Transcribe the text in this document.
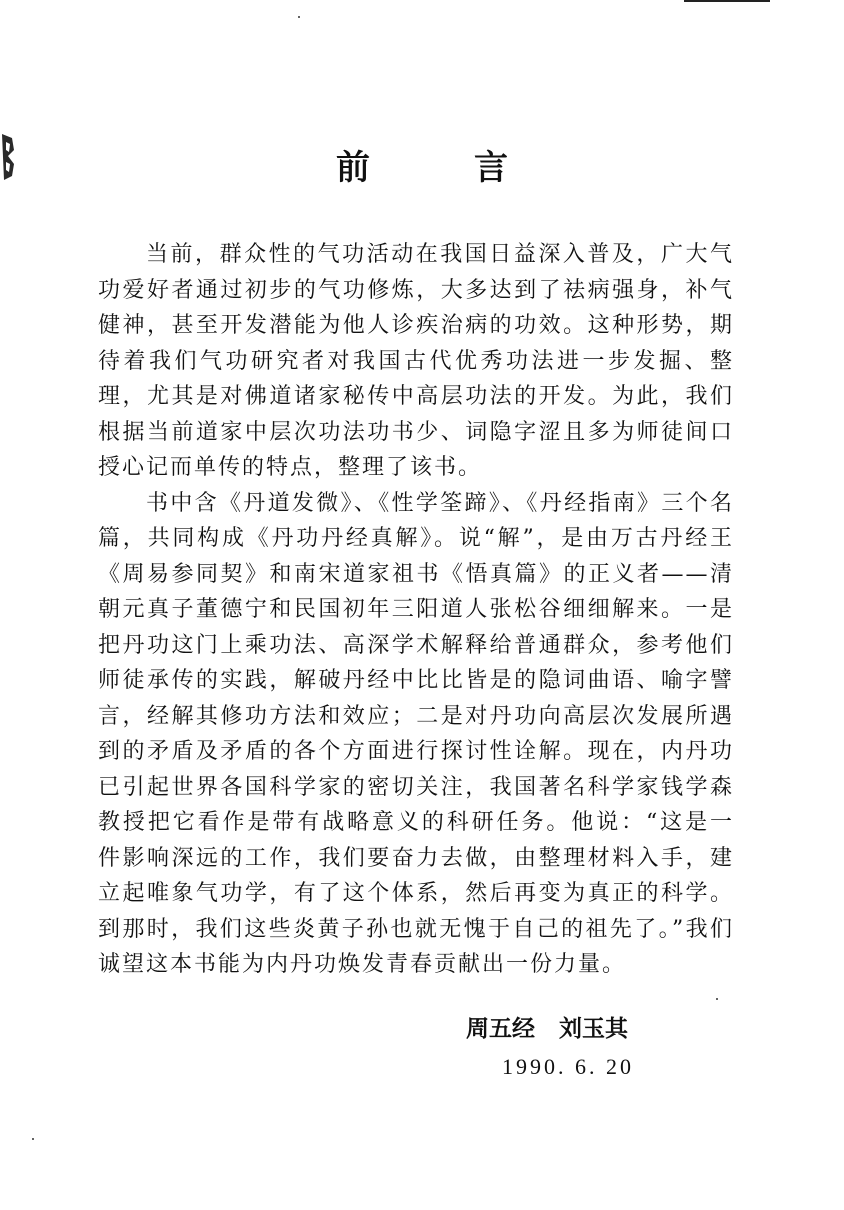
前	言

当前，群众性的气功活动在我国日益深入普及，广大气功爱好者通过初步的气功修炼，大多达到了祛病强身，补气健神，甚至开发潜能为他人诊疾治病的功效。这种形势，期待着我们气功研究者对我国古代优秀功法进一步发掘、整理，尤其是对佛道诸家秘传中高层功法的开发。为此，我们根据当前道家中层次功法功书少、词隐字涩且多为师徒间口授心记而单传的特点，整理了该书。

书中含《丹道发微》、《性学筌蹄》、《丹经指南》三个名篇，共同构成《丹功丹经真解》。说“解”，是由万古丹经王《周易参同契》和南宋道家祖书《悟真篇》的正义者——清朝元真子董德宁和民国初年三阳道人张松谷细细解来。一是把丹功这门上乘功法、高深学术解释给普通群众，参考他们师徒承传的实践，解破丹经中比比皆是的隐词曲语、喻字譬言，经解其修功方法和效应；二是对丹功向高层次发展所遇到的矛盾及矛盾的各个方面进行探讨性诠解。现在，内丹功已引起世界各国科学家的密切关注，我国著名科学家钱学森教授把它看作是带有战略意义的科研任务。他说：“这是一件影响深远的工作，我们要奋力去做，由整理材料入手，建立起唯象气功学，有了这个体系，然后再变为真正的科学。到那时，我们这些炎黄子孙也就无愧于自己的祖先了。”我们诚望这本书能为内丹功焕发青春贡献出一份力量。

周五经   刘玉其
1990. 6. 20
